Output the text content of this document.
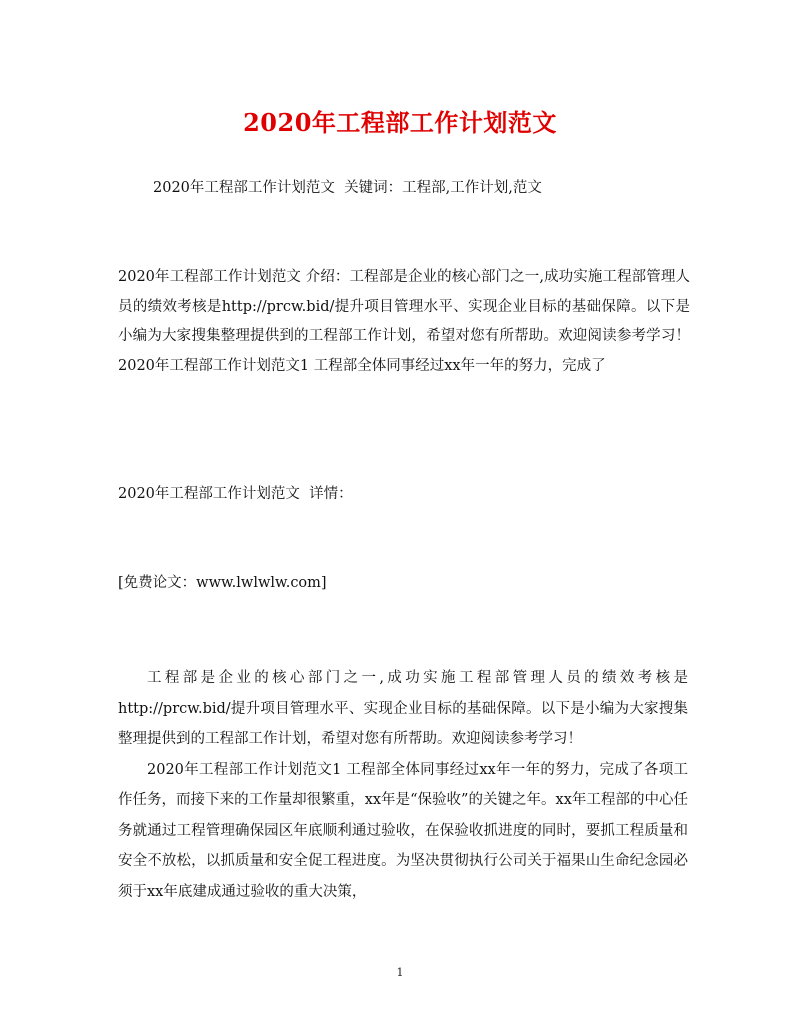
2020年工程部工作计划范文
2020年工程部工作计划范文  关键词：工程部,工作计划,范文
2020年工程部工作计划范文 介绍：工程部是企业的核心部门之一,成功实施工程部管理人员的绩效考核是http://prcw.bid/提升项目管理水平、实现企业目标的基础保障。以下是小编为大家搜集整理提供到的工程部工作计划，希望对您有所帮助。欢迎阅读参考学习！ 2020年工程部工作计划范文1 工程部全体同事经过xx年一年的努力，完成了
2020年工程部工作计划范文  详情：
[免费论文：www.lwlwlw.com]

工程部是企业的核心部门之一,成功实施工程部管理人员的绩效考核是http://prcw.bid/提升项目管理水平、实现企业目标的基础保障。以下是小编为大家搜集整理提供到的工程部工作计划，希望对您有所帮助。欢迎阅读参考学习！

2020年工程部工作计划范文1 工程部全体同事经过xx年一年的努力，完成了各项工作任务，而接下来的工作量却很繁重，xx年是“保验收”的关键之年。xx年工程部的中心任务就通过工程管理确保园区年底顺利通过验收，在保验收抓进度的同时，要抓工程质量和安全不放松，以抓质量和安全促工程进度。为坚决贯彻执行公司关于福果山生命纪念园必须于xx年底建成通过验收的重大决策，

1
